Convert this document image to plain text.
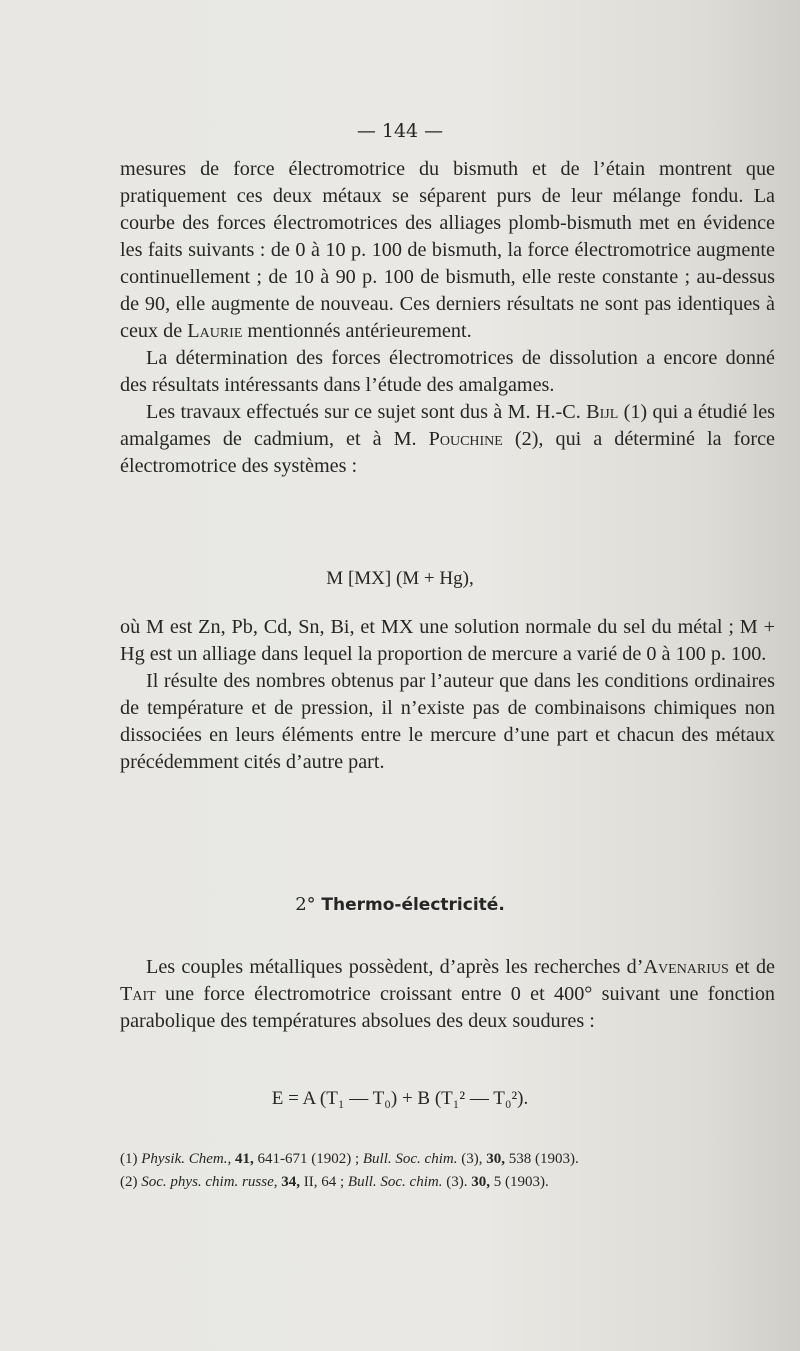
— 144 —

mesures de force électromotrice du bismuth et de l’étain montrent que pratiquement ces deux métaux se séparent purs de leur mélange fondu. La courbe des forces électromotrices des alliages plomb-bismuth met en évidence les faits suivants : de 0 à 10 p. 100 de bismuth, la force électromotrice augmente continuellement ; de 10 à 90 p. 100 de bismuth, elle reste constante ; au-dessus de 90, elle augmente de nouveau. Ces derniers résultats ne sont pas identiques à ceux de Laurie mentionnés antérieurement.

La détermination des forces électromotrices de dissolution a encore donné des résultats intéressants dans l’étude des amalgames.

Les travaux effectués sur ce sujet sont dus à M. H.-C. Bijl (1) qui a étudié les amalgames de cadmium, et à M. Pouchine (2), qui a déterminé la force électromotrice des systèmes :

M [MX] (M + Hg),

où M est Zn, Pb, Cd, Sn, Bi, et MX une solution normale du sel du métal ; M + Hg est un alliage dans lequel la proportion de mercure a varié de 0 à 100 p. 100.

Il résulte des nombres obtenus par l’auteur que dans les conditions ordinaires de température et de pression, il n’existe pas de combinaisons chimiques non dissociées en leurs éléments entre le mercure d’une part et chacun des métaux précédemment cités d’autre part.

2° Thermo-électricité.

Les couples métalliques possèdent, d’après les recherches d’Avenarius et de Tait une force électromotrice croissant entre 0 et 400° suivant une fonction parabolique des températures absolues des deux soudures :

E = A (T₁ — T₀) + B (T₁² — T₀²).

(1) Physik. Chem., 41, 641-671 (1902) ; Bull. Soc. chim. (3), 30, 538 (1903).

(2) Soc. phys. chim. russe, 34, II, 64 ; Bull. Soc. chim. (3). 30, 5 (1903).
